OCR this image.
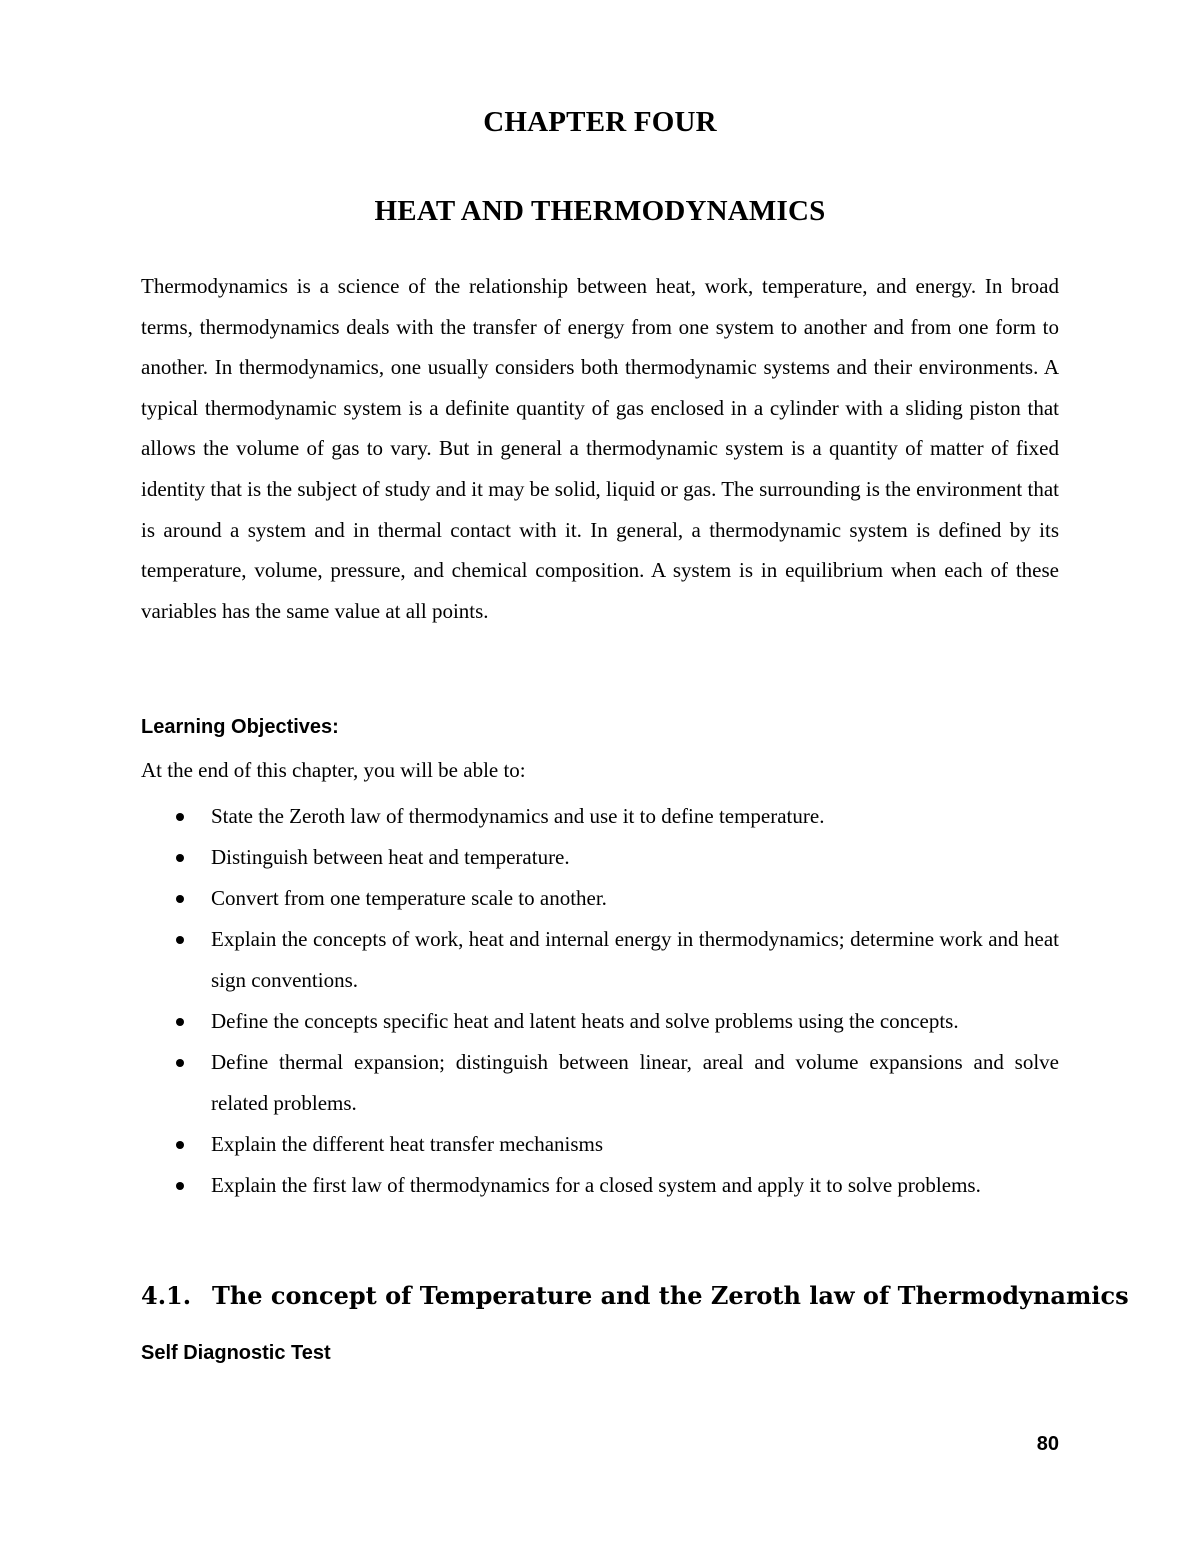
CHAPTER FOUR
HEAT AND THERMODYNAMICS

Thermodynamics is a science of the relationship between heat, work, temperature, and energy. In broad terms, thermodynamics deals with the transfer of energy from one system to another and from one form to another. In thermodynamics, one usually considers both thermodynamic systems and their environments. A typical thermodynamic system is a definite quantity of gas enclosed in a cylinder with a sliding piston that allows the volume of gas to vary. But in general a thermodynamic system is a quantity of matter of fixed identity that is the subject of study and it may be solid, liquid or gas. The surrounding is the environment that is around a system and in thermal contact with it. In general, a thermodynamic system is defined by its temperature, volume, pressure, and chemical composition. A system is in equilibrium when each of these variables has the same value at all points.

Learning Objectives:
At the end of this chapter, you will be able to:
State the Zeroth law of thermodynamics and use it to define temperature.
Distinguish between heat and temperature.
Convert from one temperature scale to another.
Explain the concepts of work, heat and internal energy in thermodynamics; determine work and heat sign conventions.
Define the concepts specific heat and latent heats and solve problems using the concepts.
Define thermal expansion; distinguish between linear, areal and volume expansions and solve related problems.
Explain the different heat transfer mechanisms
Explain the first law of thermodynamics for a closed system and apply it to solve problems.
4.1. The concept of Temperature and the Zeroth law of Thermodynamics
Self Diagnostic Test
80
